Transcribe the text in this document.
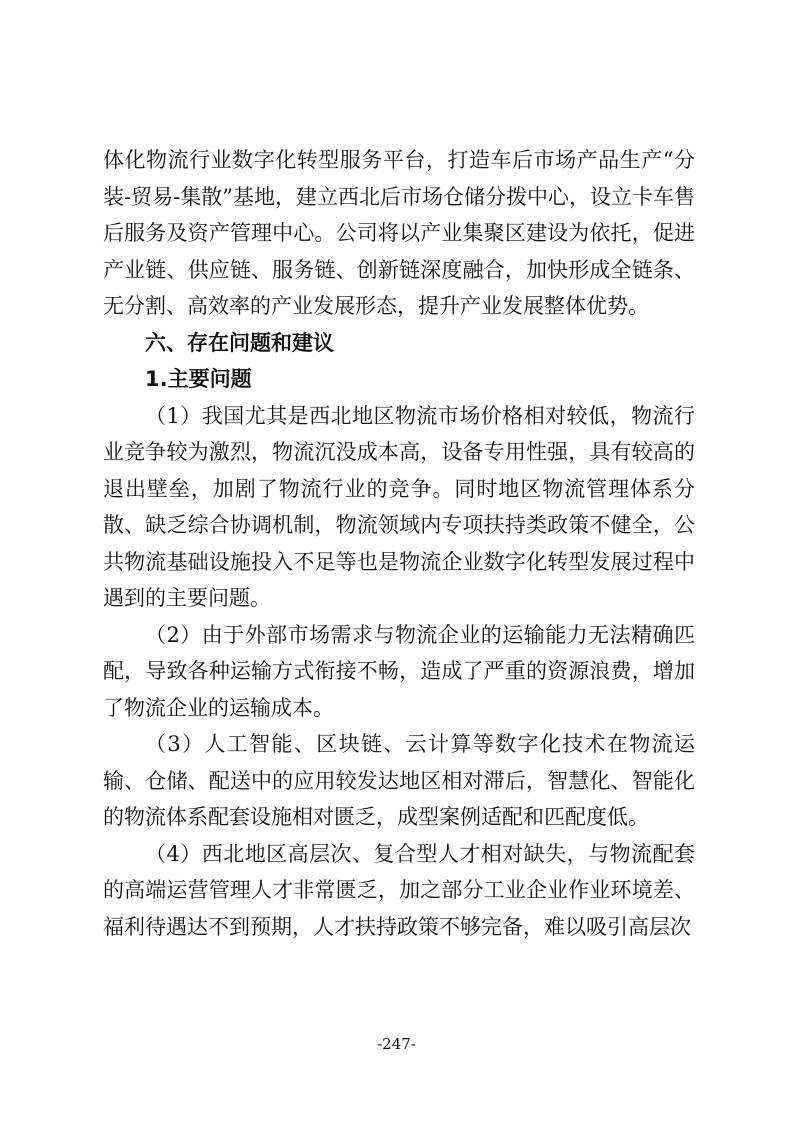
体化物流行业数字化转型服务平台，打造车后市场产品生产“分装-贸易-集散”基地，建立西北后市场仓储分拨中心，设立卡车售后服务及资产管理中心。公司将以产业集聚区建设为依托，促进产业链、供应链、服务链、创新链深度融合，加快形成全链条、无分割、高效率的产业发展形态，提升产业发展整体优势。

六、存在问题和建议

1.主要问题

（1）我国尤其是西北地区物流市场价格相对较低，物流行业竞争较为激烈，物流沉没成本高，设备专用性强，具有较高的退出壁垒，加剧了物流行业的竞争。同时地区物流管理体系分散、缺乏综合协调机制，物流领域内专项扶持类政策不健全，公共物流基础设施投入不足等也是物流企业数字化转型发展过程中遇到的主要问题。

（2）由于外部市场需求与物流企业的运输能力无法精确匹配，导致各种运输方式衔接不畅，造成了严重的资源浪费，增加了物流企业的运输成本。

（3）人工智能、区块链、云计算等数字化技术在物流运输、仓储、配送中的应用较发达地区相对滞后，智慧化、智能化的物流体系配套设施相对匮乏，成型案例适配和匹配度低。

（4）西北地区高层次、复合型人才相对缺失，与物流配套的高端运营管理人才非常匮乏，加之部分工业企业作业环境差、福利待遇达不到预期，人才扶持政策不够完备，难以吸引高层次

-247-
